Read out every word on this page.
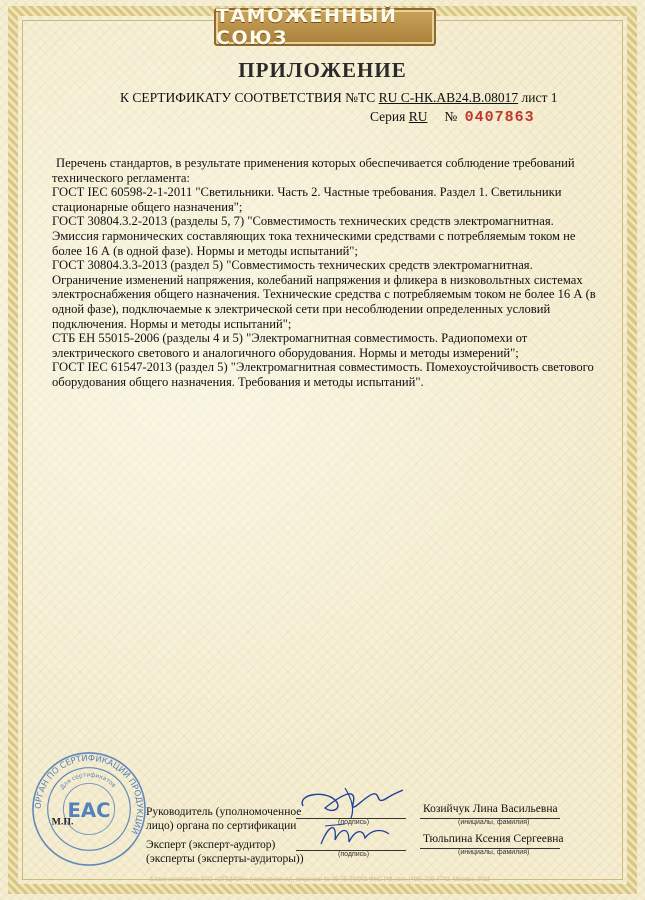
ТАМОЖЕННЫЙ СОЮЗ
ПРИЛОЖЕНИЕ
К СЕРТИФИКАТУ СООТВЕТСТВИЯ №ТС RU С-НК.АВ24.В.08017 лист 1
Серия RU № 0407863

Перечень стандартов, в результате применения которых обеспечивается соблюдение требований технического регламента:

ГОСТ IEC 60598-2-1-2011 "Светильники. Часть 2. Частные требования. Раздел 1. Светильники стационарные общего назначения";

ГОСТ 30804.3.2-2013 (разделы 5, 7) "Совместимость технических средств электромагнитная. Эмиссия гармонических составляющих тока техническими средствами с потребляемым током не более 16 А (в одной фазе). Нормы и методы испытаний";

ГОСТ 30804.3.3-2013 (раздел 5) "Совместимость технических средств электромагнитная. Ограничение изменений напряжения, колебаний напряжения и фликера в низковольтных системах электроснабжения общего назначения. Технические средства с потребляемым током не более 16 А (в одной фазе), подключаемые к электрической сети при несоблюдении определенных условий подключения. Нормы и методы испытаний";

СТБ ЕН 55015-2006 (разделы 4 и 5) "Электромагнитная совместимость. Радиопомехи от электрического светового и аналогичного оборудования. Нормы и методы измерений";

ГОСТ IEC 61547-2013 (раздел 5) "Электромагнитная совместимость. Помехоустойчивость светового оборудования общего назначения. Требования и методы испытаний".

ОРГАН ПО СЕРТИФИКАЦИИ ПРОДУКЦИИ
Для сертификатов
ЕАС
М.П.
Руководитель (уполномоченное
лицо) органа по сертификации	(подпись)
Козийчук Лина Васильевна
(инициалы, фамилия)
Эксперт (эксперт-аудитор)
(эксперты (эксперты-аудиторы))	(подпись)
Тюльпина Ксения Сергеевна
(инициалы, фамилия)
Бланк изготовлен ЗАО «ОПЦИОН» (www.opcion.ru), лицензия № 05-05-09/003 ФНС РФ, тел. (495) 726-4742, Москва, 2013
